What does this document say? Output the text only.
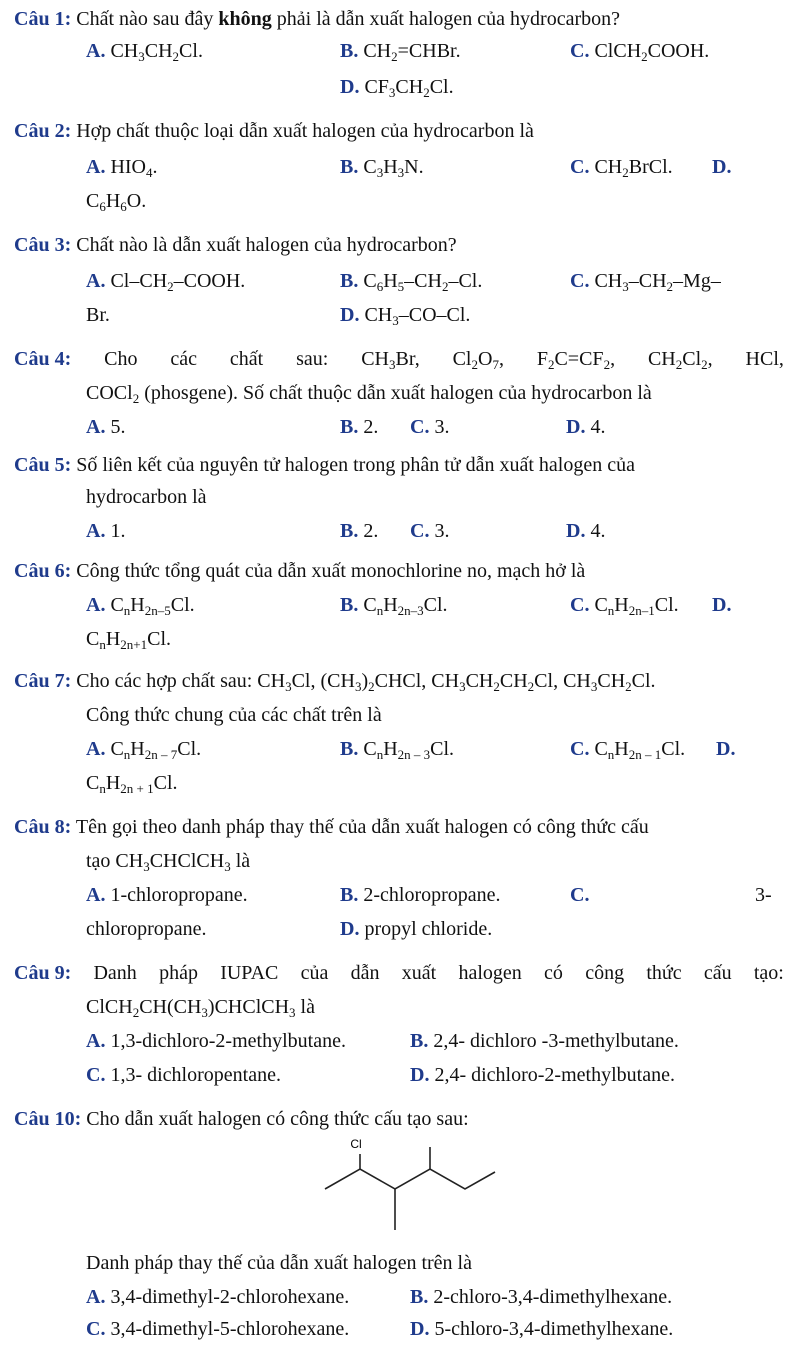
Câu 1: Chất nào sau đây không phải là dẫn xuất halogen của hydrocarbon?
A. $CH_3CH_2Cl$.	B. $CH_2=CHBr$.	C. ClCH$_2$COOH.
D. $CF_3CH_2Cl$.
Câu 2: Hợp chất thuộc loại dẫn xuất halogen của hydrocarbon là
A. $HIO_4$.	B. $C_3H_3N$.	C. $CH_2BrCl$. D.
$C_6H_6O$.
Câu 3: Chất nào là dẫn xuất halogen của hydrocarbon?
A. $Cl-CH_2$–COOH.	B. $C_6H_5-CH_2-Cl$.	C. $CH_3-CH_2-Mg-$
Br.	D. $CH_3-CO-Cl$.
Câu 4: Cho các chất sau: $CH_3Br$, $Cl_2O_7$, $F_2C=CF_2$, $CH_2Cl_2$, HCl,
COCl$_2$ (phosgene). Số chất thuộc dẫn xuất halogen của hydrocarbon là
A. 5.	B. 2. C. 3.	D. 4.
Câu 5: Số liên kết của nguyên tử halogen trong phân tử dẫn xuất halogen của
hydrocarbon là
A. 1.	B. 2. C. 3.	D. 4.
Câu 6: Công thức tổng quát của dẫn xuất monochlorine no, mạch hở là
A. $C_nH_{2n-5}Cl$.	B. $C_nH_{2n-3}Cl$.	C. $C_nH_{2n-1}Cl$. D.
$C_nH_{2n+1}Cl$.
Câu 7: Cho các hợp chất sau: $CH_3Cl$, $(CH_3)_2CHCl$, $CH_3CH_2CH_2Cl$, $CH_3CH_2Cl$.
Công thức chung của các chất trên là
A. $C_nH_{2n - 7}Cl$.	B. $C_nH_{2n - 3}Cl$.	C. $C_nH_{2n - 1}Cl$. D.
$C_nH_{2n + 1}Cl$.
Câu 8: Tên gọi theo danh pháp thay thế của dẫn xuất halogen có công thức cấu
tạo $CH_3CHClCH_3$ là
A. 1-chloropropane.	B. 2-chloropropane.	C.	3-
chloropropane.	D. propyl chloride.
Câu 9: Danh pháp IUPAC của dẫn xuất halogen có công thức cấu tạo:
$ClCH_2CH(CH_3)CHClCH_3$ là
A. 1,3-dichloro-2-methylbutane.	B. 2,4- dichloro -3-methylbutane.
C. 1,3- dichloropentane.	D. 2,4- dichloro-2-methylbutane.
Câu 10: Cho dẫn xuất halogen có công thức cấu tạo sau:
Cl
Danh pháp thay thế của dẫn xuất halogen trên là
A. 3,4-dimethyl-2-chlorohexane.	B. 2-chloro-3,4-dimethylhexane.
C. 3,4-dimethyl-5-chlorohexane.	D. 5-chloro-3,4-dimethylhexane.
